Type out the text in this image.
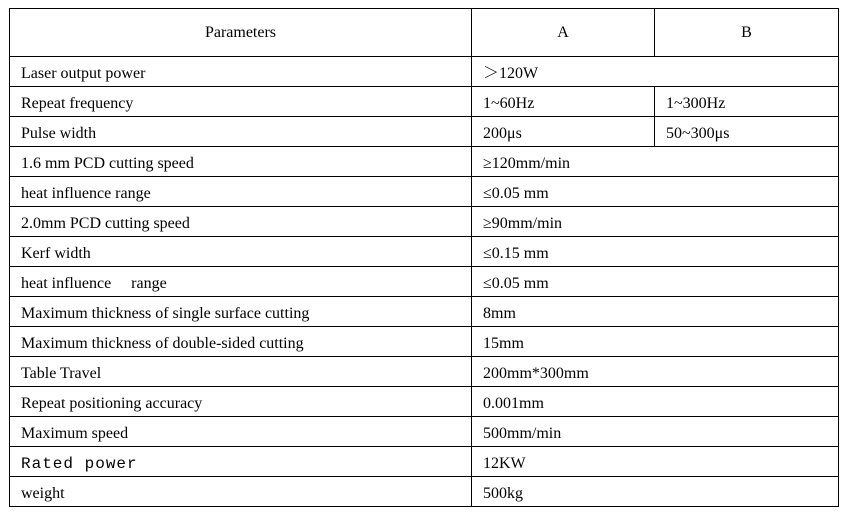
Parameters	A	B
Laser output power	＞120W	
Repeat frequency	1~60Hz	1~300Hz
Pulse width	200μs	50~300μs
1.6 mm PCD cutting speed	≥120mm/min	
heat influence range	≤0.05 mm	
2.0mm PCD cutting speed	≥90mm/min	
Kerf width	≤0.15 mm	
heat influence     range	≤0.05 mm	
Maximum thickness of single surface cutting	8mm	
Maximum thickness of double-sided cutting	15mm	
Table Travel	200mm*300mm	
Repeat positioning accuracy	0.001mm	
Maximum speed	500mm/min	
Rated power	12KW	
weight	500kg	
